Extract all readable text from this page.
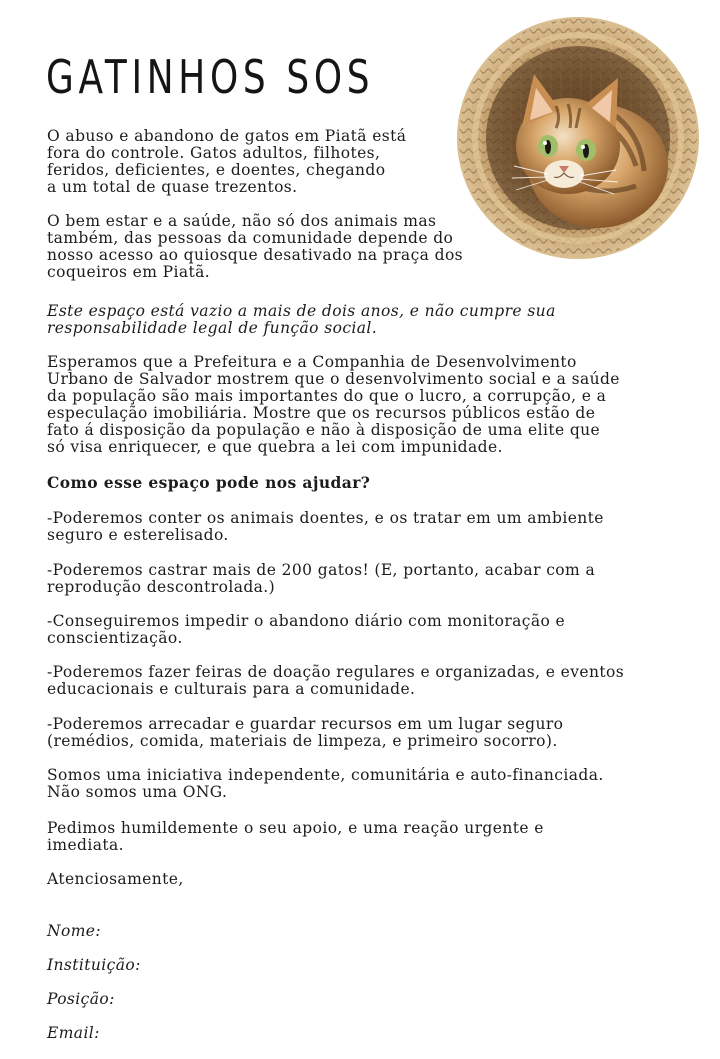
GATINHOS SOS

O abuso e abandono de gatos em Piatã está
fora do controle. Gatos adultos, filhotes,
feridos, deficientes, e doentes, chegando
a um total de quase trezentos.

O bem estar e a saúde, não só dos animais mas
também, das pessoas da comunidade depende do
nosso acesso ao quiosque desativado na praça dos
coqueiros em Piatã.

Este espaço está vazio a mais de dois anos, e não cumpre sua
responsabilidade legal de função social.

Esperamos que a Prefeitura e a Companhia de Desenvolvimento
Urbano de Salvador mostrem que o desenvolvimento social e a saúde
da população são mais importantes do que o lucro, a corrupção, e a
especulação imobiliária. Mostre que os recursos públicos estão de
fato á disposição da população e não à disposição de uma elite que
só visa enriquecer, e que quebra a lei com impunidade.

Como esse espaço pode nos ajudar?

-Poderemos conter os animais doentes, e os tratar em um ambiente
seguro e esterelisado.

-Poderemos castrar mais de 200 gatos! (E, portanto, acabar com a
reprodução descontrolada.)

-Conseguiremos impedir o abandono diário com monitoração e
conscientização.

-Poderemos fazer feiras de doação regulares e organizadas, e eventos
educacionais e culturais para a comunidade.

-Poderemos arrecadar e guardar recursos em um lugar seguro
(remédios, comida, materiais de limpeza, e primeiro socorro).

Somos uma iniciativa independente, comunitária e auto-financiada.
Não somos uma ONG.

Pedimos humildemente o seu apoio, e uma reação urgente e
imediata.

Atenciosamente,

Nome:

Instituição:

Posição:

Email:
